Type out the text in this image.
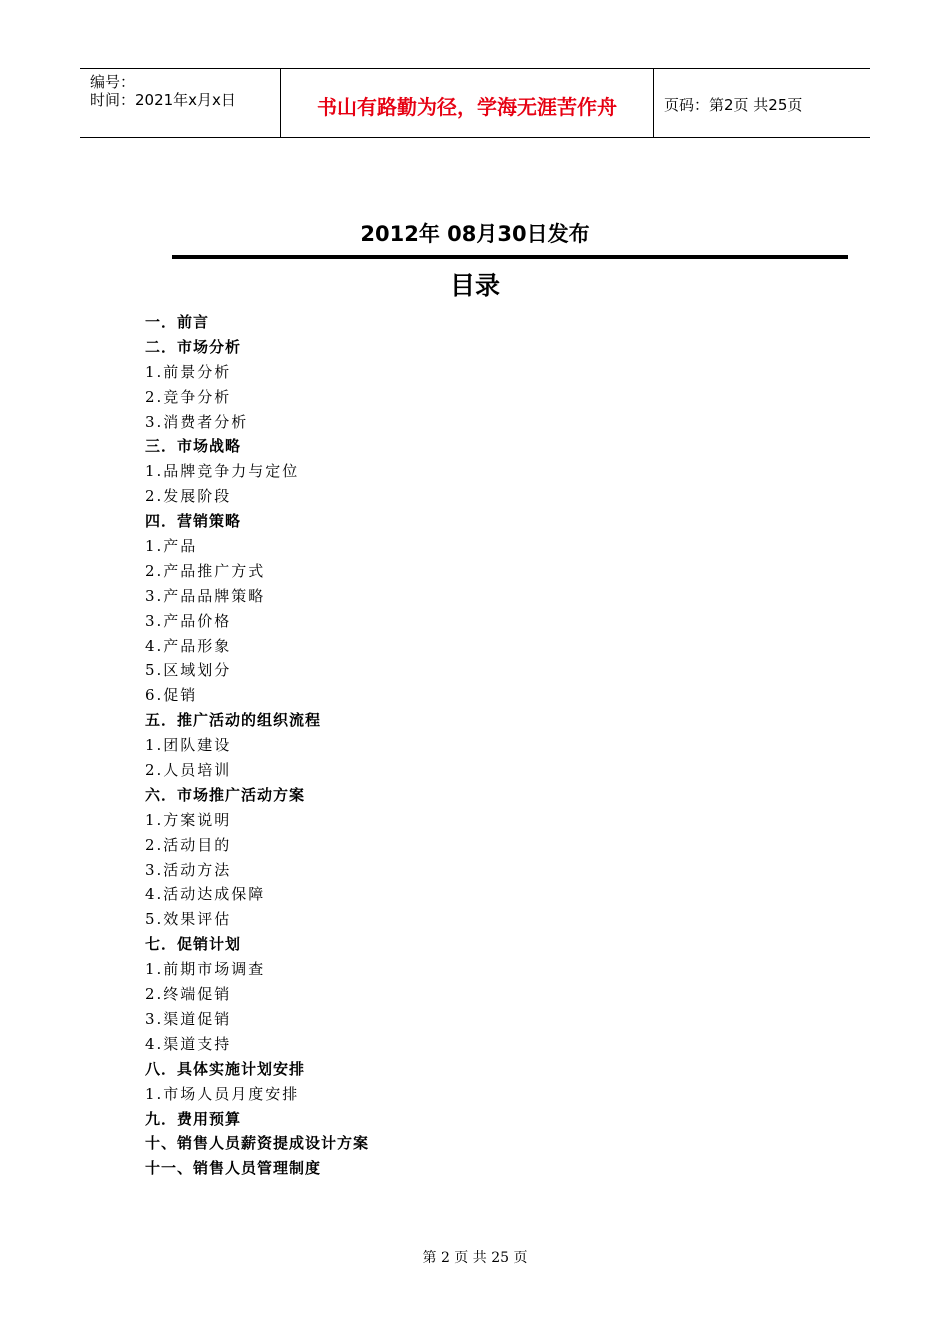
编号：
时间：2021年x月x日	书山有路勤为径，学海无涯苦作舟	页码：第2页 共25页
2012年 08月30日发布
目录
一．前言
二．市场分析
1.前景分析
2.竞争分析
3.消费者分析
三．市场战略
1.品牌竞争力与定位
2.发展阶段
四．营销策略
1.产品
2.产品推广方式
3.产品品牌策略
3.产品价格
4.产品形象
5.区域划分
6.促销
五．推广活动的组织流程
1.团队建设
2.人员培训
六．市场推广活动方案
1.方案说明
2.活动目的
3.活动方法
4.活动达成保障
5.效果评估
七．促销计划
1.前期市场调查
2.终端促销
3.渠道促销
4.渠道支持
八．具体实施计划安排
1.市场人员月度安排
九．费用预算
十、销售人员薪资提成设计方案
十一、销售人员管理制度
第 2 页 共 25 页
